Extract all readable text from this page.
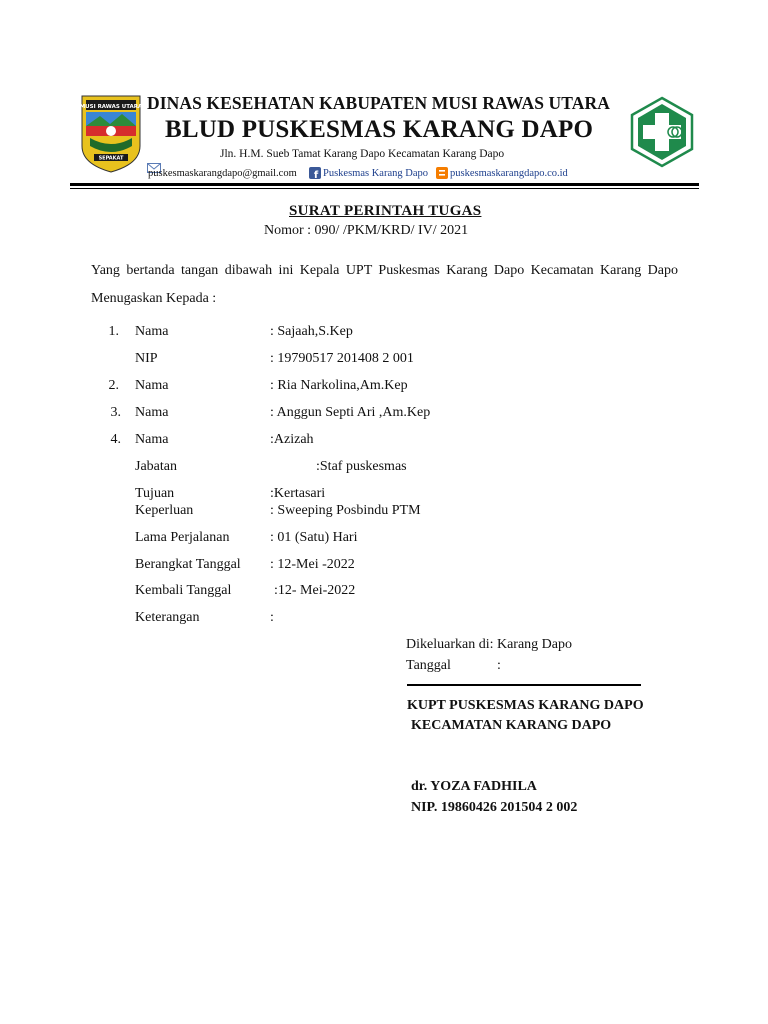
MUSI RAWAS UTARA
SEPAKAT
DINAS KESEHATAN KABUPATEN MUSI RAWAS UTARA
BLUD PUSKESMAS KARANG DAPO
Jln. H.M. Sueb Tamat Karang Dapo Kecamatan Karang Dapo
puskesmaskarangdapo@gmail.com f Puskesmas Karang Dapo puskesmaskarangdapo.co.id
SURAT PERINTAH TUGAS
Nomor : 090/ /PKM/KRD/ IV/ 2021
Yang bertanda tangan dibawah ini Kepala UPT Puskesmas Karang Dapo Kecamatan Karang Dapo Menugaskan Kepada :
1. Nama	: Sajaah,S.Kep
NIP	: 19790517 201408 2 001
2. Nama	: Ria Narkolina,Am.Kep
3. Nama	: Anggun Septi Ari ,Am.Kep
4. Nama	:Azizah
Jabatan	:Staf puskesmas
Tujuan	:Kertasari
Keperluan	: Sweeping Posbindu PTM
Lama Perjalanan	: 01 (Satu) Hari
Berangkat Tanggal : 12-Mei -2022
Kembali Tanggal	:12- Mei-2022
Keterangan	:
Dikeluarkan di: Karang Dapo
Tanggal	:
KUPT PUSKESMAS KARANG DAPO
KECAMATAN KARANG DAPO
dr. YOZA FADHILA
NIP. 19860426 201504 2 002
